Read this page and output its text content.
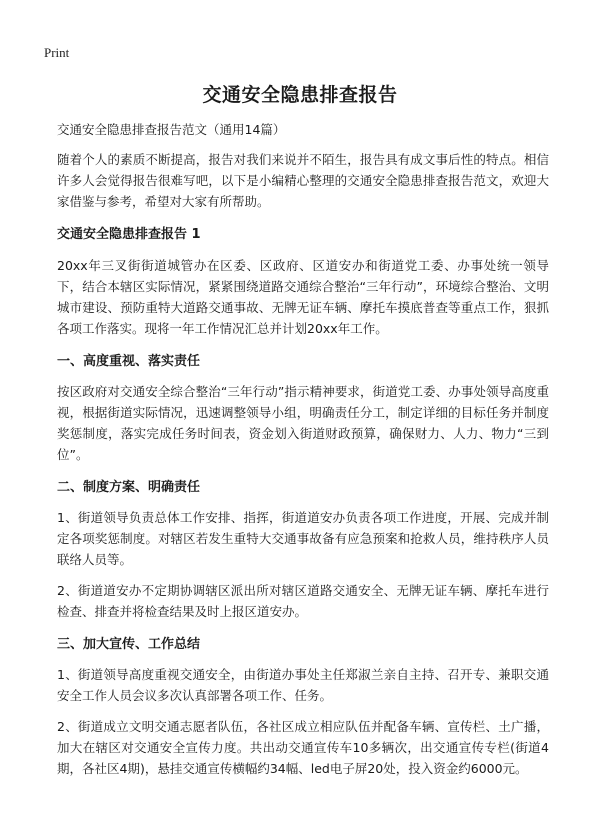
Print
交通安全隐患排查报告

交通安全隐患排查报告范文（通用14篇）

随着个人的素质不断提高，报告对我们来说并不陌生，报告具有成文事后性的特点。相信许多人会觉得报告很难写吧，以下是小编精心整理的交通安全隐患排查报告范文，欢迎大家借鉴与参考，希望对大家有所帮助。

交通安全隐患排查报告 1

20xx年三叉街街道城管办在区委、区政府、区道安办和街道党工委、办事处统一领导下，结合本辖区实际情况，紧紧围绕道路交通综合整治“三年行动”，环境综合整治、文明城市建设、预防重特大道路交通事故、无牌无证车辆、摩托车摸底普查等重点工作，狠抓各项工作落实。现将一年工作情况汇总并计划20xx年工作。

一、高度重视、落实责任

按区政府对交通安全综合整治“三年行动”指示精神要求，街道党工委、办事处领导高度重视，根据街道实际情况，迅速调整领导小组，明确责任分工，制定详细的目标任务并制度奖惩制度，落实完成任务时间表，资金划入街道财政预算，确保财力、人力、物力“三到位”。

二、制度方案、明确责任

1、街道领导负责总体工作安排、指挥，街道道安办负责各项工作进度，开展、完成并制定各项奖惩制度。对辖区若发生重特大交通事故备有应急预案和抢救人员，维持秩序人员联络人员等。

2、街道道安办不定期协调辖区派出所对辖区道路交通安全、无牌无证车辆、摩托车进行检查、排查并将检查结果及时上报区道安办。

三、加大宣传、工作总结

1、街道领导高度重视交通安全，由街道办事处主任郑淑兰亲自主持、召开专、兼职交通安全工作人员会议多次认真部署各项工作、任务。

2、街道成立文明交通志愿者队伍，各社区成立相应队伍并配备车辆、宣传栏、土广播，加大在辖区对交通安全宣传力度。共出动交通宣传车10多辆次，出交通宣传专栏(街道4期，各社区4期)，悬挂交通宣传横幅约34幅、led电子屏20处，投入资金约6000元。
